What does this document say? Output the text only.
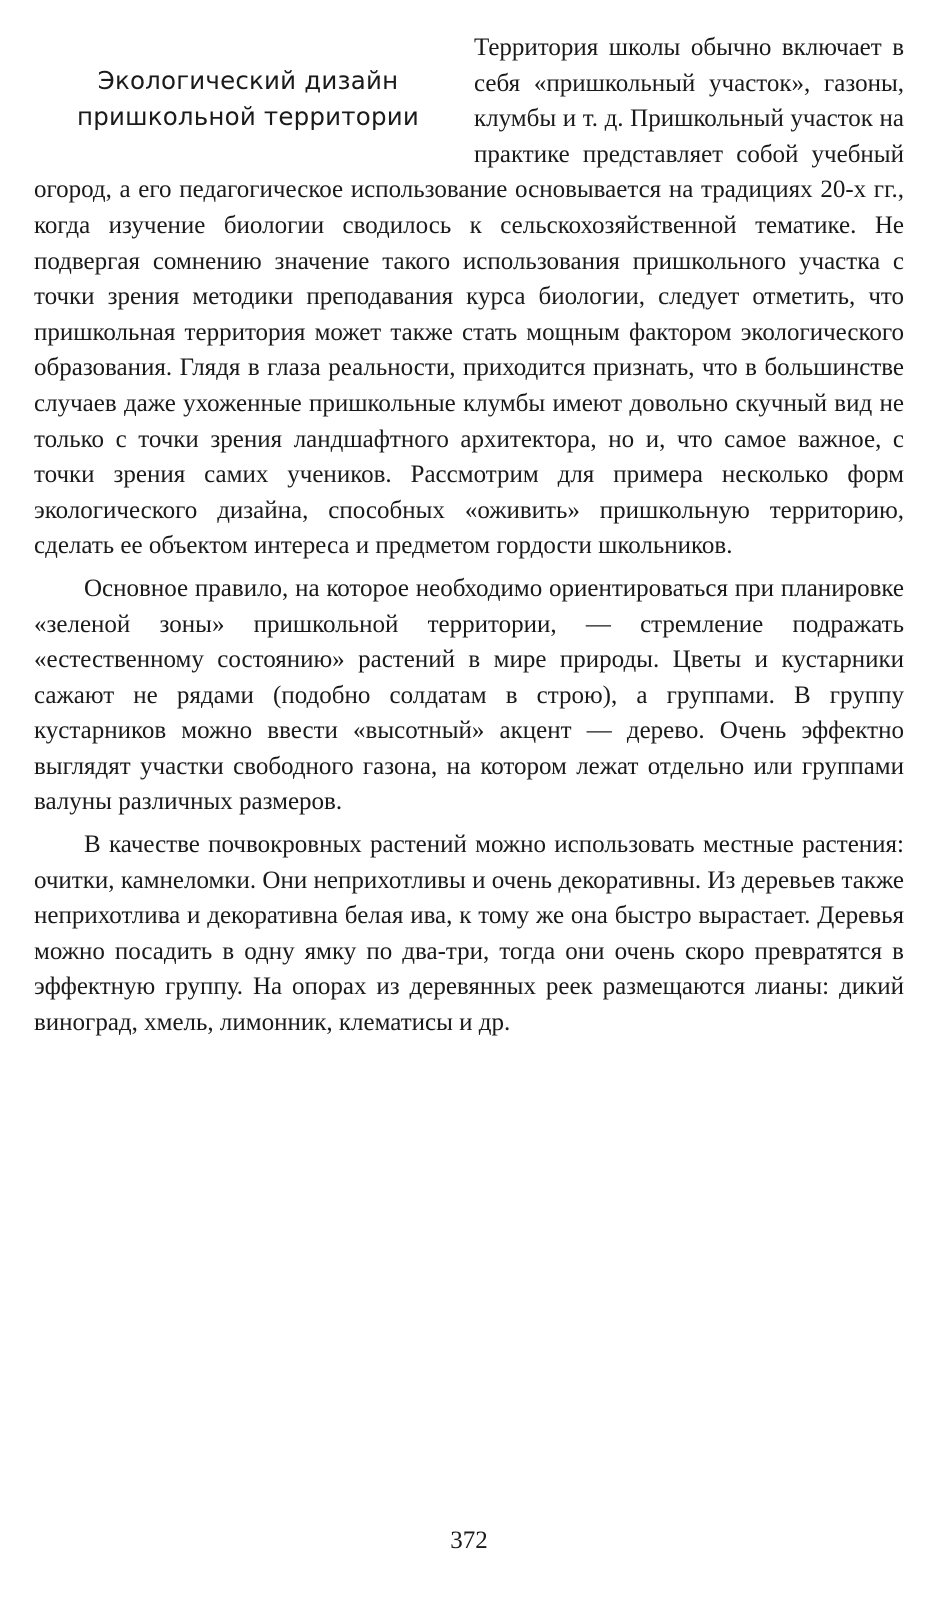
Экологический дизайн
пришкольной территории

Территория школы обычно включает в себя «пришкольный участок», газоны, клумбы и т. д. Пришкольный участок на практике представляет собой учебный огород, а его педагогическое использование основывается на традициях 20-х гг., когда изучение биологии сводилось к сельскохозяйственной тематике. Не подвергая сомнению значение такого использования пришкольного участка с точки зрения методики преподавания курса биологии, следует отметить, что пришкольная территория может также стать мощным фактором экологического образования. Глядя в глаза реальности, приходится признать, что в большинстве случаев даже ухоженные пришкольные клумбы имеют довольно скучный вид не только с точки зрения ландшафтного архитектора, но и, что самое важное, с точки зрения самих учеников. Рассмотрим для примера несколько форм экологического дизайна, способных «оживить» пришкольную территорию, сделать ее объектом интереса и предметом гордости школьников.

Основное правило, на которое необходимо ориентироваться при планировке «зеленой зоны» пришкольной территории, — стремление подражать «естественному состоянию» растений в мире природы. Цветы и кустарники сажают не рядами (подобно солдатам в строю), а группами. В группу кустарников можно ввести «высотный» акцент — дерево. Очень эффектно выглядят участки свободного газона, на котором лежат отдельно или группами валуны различных размеров.

В качестве почвокровных растений можно использовать местные растения: очитки, камнеломки. Они неприхотливы и очень декоративны. Из деревьев также неприхотлива и декоративна белая ива, к тому же она быстро вырастает. Деревья можно посадить в одну ямку по два-три, тогда они очень скоро превратятся в эффектную группу. На опорах из деревянных реек размещаются лианы: дикий виноград, хмель, лимонник, клематисы и др.

372
